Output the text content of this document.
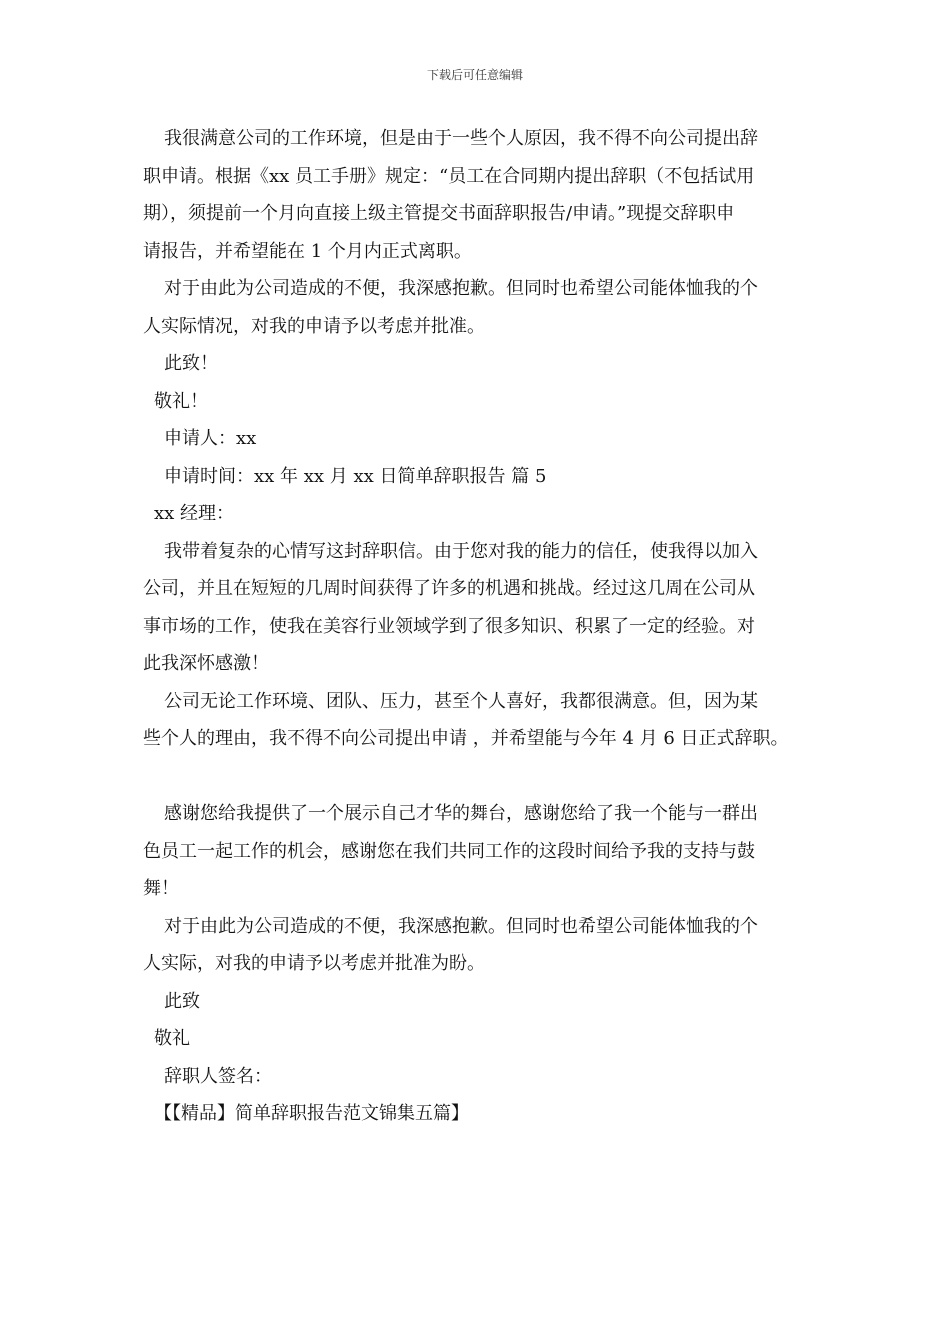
下载后可任意编辑
我很满意公司的工作环境，但是由于一些个人原因，我不得不向公司提出辞
职申请。根据《xx 员工手册》规定：“员工在合同期内提出辞职（不包括试用
期），须提前一个月向直接上级主管提交书面辞职报告/申请。”现提交辞职申
请报告，并希望能在 1 个月内正式离职。
对于由此为公司造成的不便，我深感抱歉。但同时也希望公司能体恤我的个
人实际情况，对我的申请予以考虑并批准。
此致！
敬礼！
申请人：xx
申请时间：xx 年 xx 月 xx 日简单辞职报告 篇 5
xx 经理：
我带着复杂的心情写这封辞职信。由于您对我的能力的信任，使我得以加入
公司，并且在短短的几周时间获得了许多的机遇和挑战。经过这几周在公司从
事市场的工作，使我在美容行业领域学到了很多知识、积累了一定的经验。对
此我深怀感激！
公司无论工作环境、团队、压力，甚至个人喜好，我都很满意。但，因为某
些个人的理由，我不得不向公司提出申请 ，并希望能与今年 4 月 6 日正式辞职。
感谢您给我提供了一个展示自己才华的舞台，感谢您给了我一个能与一群出
色员工一起工作的机会，感谢您在我们共同工作的这段时间给予我的支持与鼓
舞！
对于由此为公司造成的不便，我深感抱歉。但同时也希望公司能体恤我的个
人实际，对我的申请予以考虑并批准为盼。
此致
敬礼
辞职人签名：
【【精品】简单辞职报告范文锦集五篇】
